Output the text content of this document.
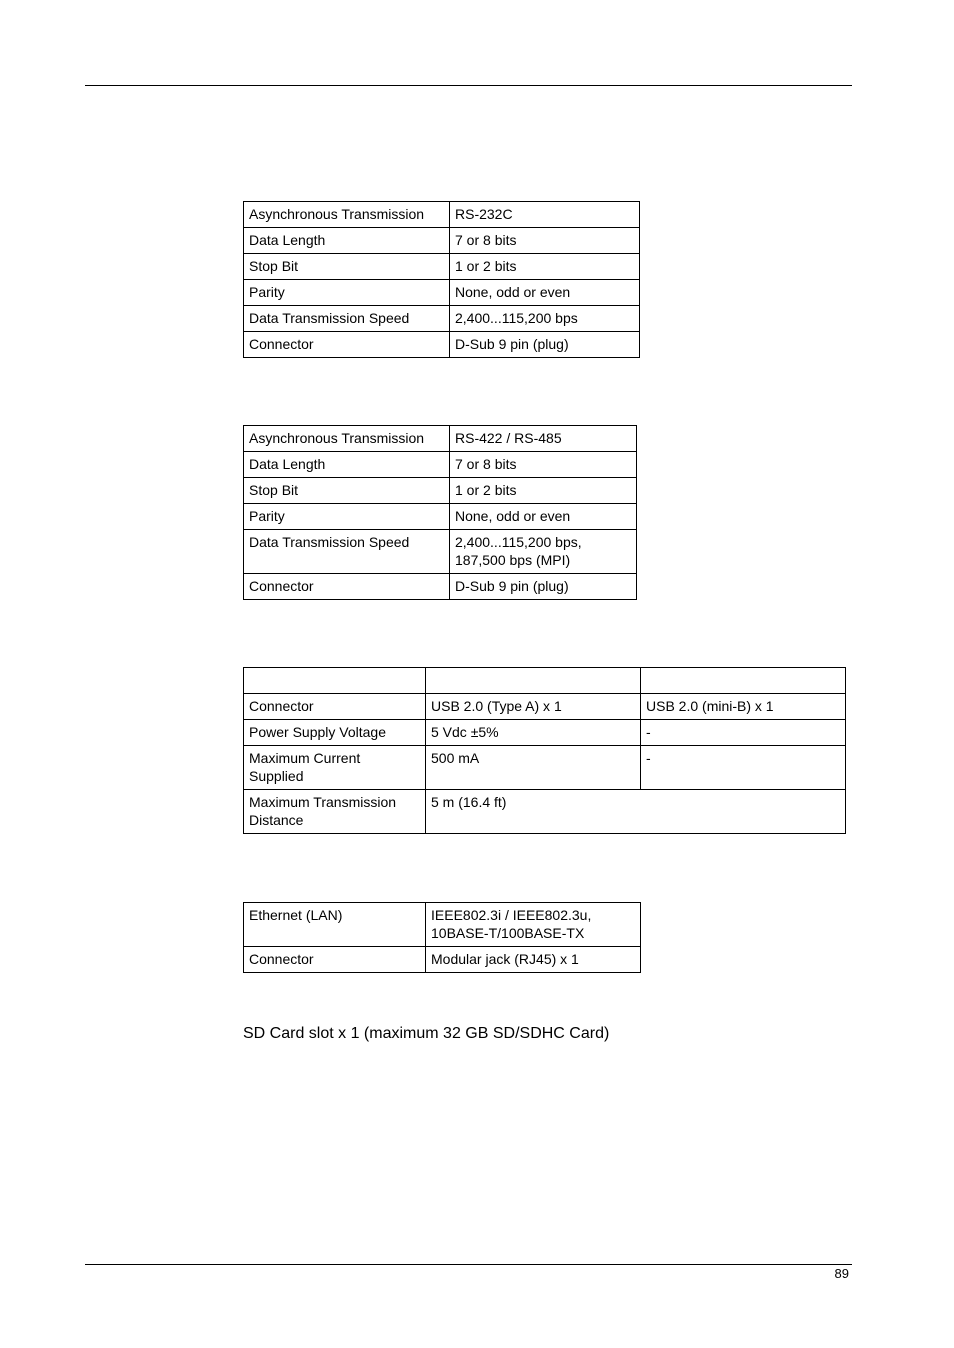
Asynchronous Transmission	RS-232C
Data Length	7 or 8 bits
Stop Bit	1 or 2 bits
Parity	None, odd or even
Data Transmission Speed	2,400...115,200 bps
Connector	D-Sub 9 pin (plug)
Asynchronous Transmission	RS-422 / RS-485
Data Length	7 or 8 bits
Stop Bit	1 or 2 bits
Parity	None, odd or even
Data Transmission Speed	2,400...115,200 bps,
187,500 bps (MPI)
Connector	D-Sub 9 pin (plug)

Connector	USB 2.0 (Type A) x 1	USB 2.0 (mini-B) x 1
Power Supply Voltage	5 Vdc ±5%	-
Maximum Current Supplied	500 mA	-
Maximum Transmission Distance	5 m (16.4 ft)	
Ethernet (LAN)	IEEE802.3i / IEEE802.3u, 10BASE-T/100BASE-TX
Connector	Modular jack (RJ45) x 1
SD Card slot x 1 (maximum 32 GB SD/SDHC Card)
89
